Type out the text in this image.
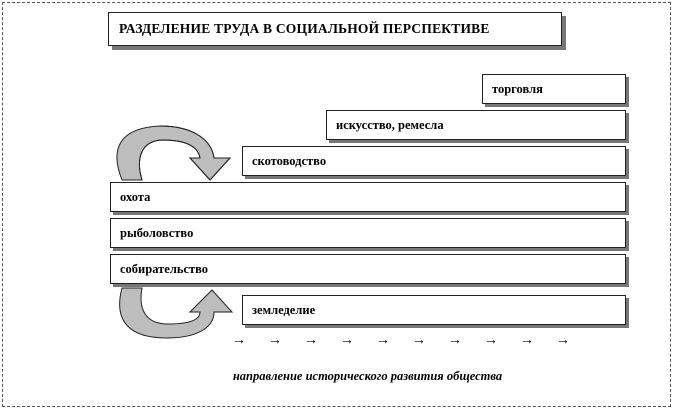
РАЗДЕЛЕНИЕ ТРУДА В СОЦИАЛЬНОЙ ПЕРСПЕКТИВЕ
торговля
искусство, ремесла
скотоводство
охота
рыболовство
собирательство
земледелие
→	→	→	→	→	→	→	→	→	→
направление исторического развития общества
